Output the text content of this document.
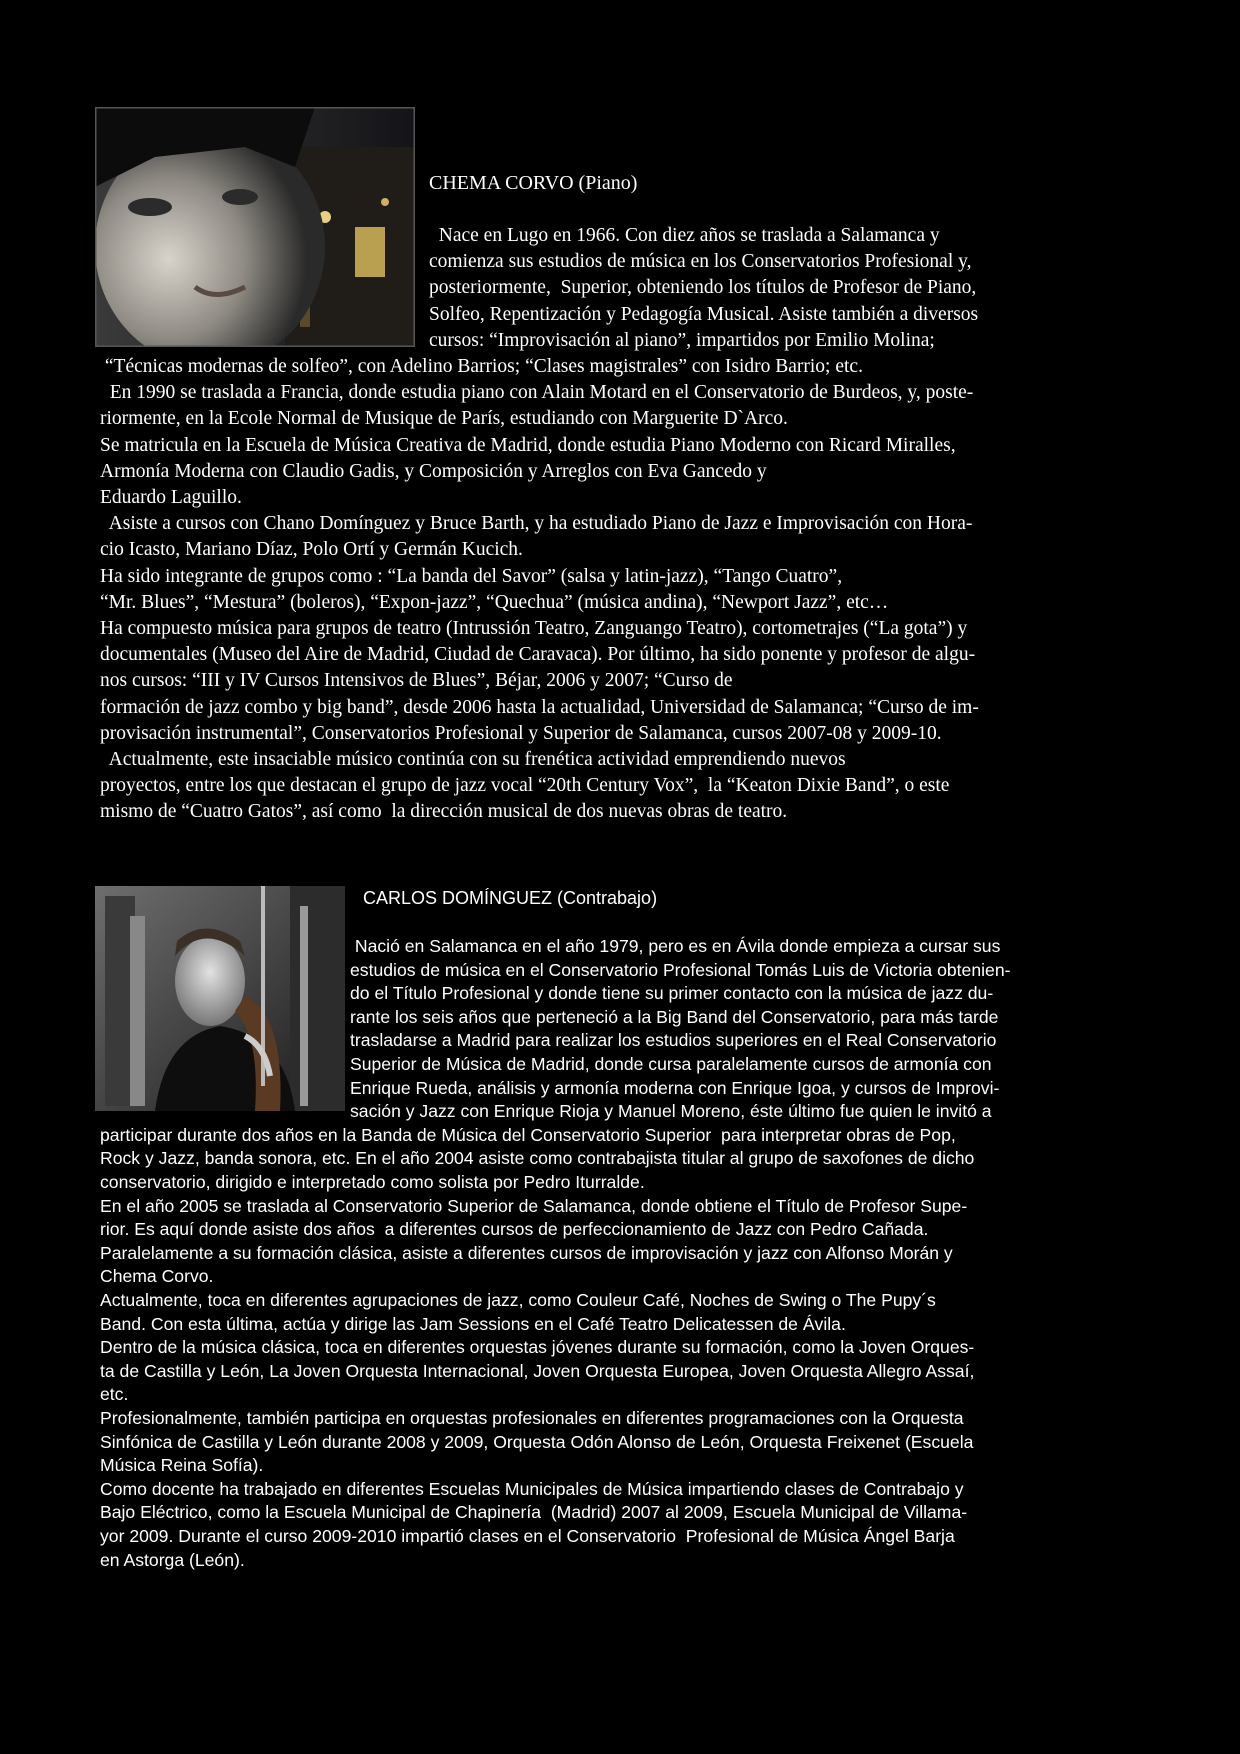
CHEMA CORVO (Piano)
Nace en Lugo en 1966. Con diez años se traslada a Salamanca y
comienza sus estudios de música en los Conservatorios Profesional y,
posteriormente,  Superior, obteniendo los títulos de Profesor de Piano,
Solfeo, Repentización y Pedagogía Musical. Asiste también a diversos
cursos: “Improvisación al piano”, impartidos por Emilio Molina;
“Técnicas modernas de solfeo”, con Adelino Barrios; “Clases magistrales” con Isidro Barrio; etc.
En 1990 se traslada a Francia, donde estudia piano con Alain Motard en el Conservatorio de Burdeos, y, poste-
riormente, en la Ecole Normal de Musique de París, estudiando con Marguerite D`Arco.
Se matricula en la Escuela de Música Creativa de Madrid, donde estudia Piano Moderno con Ricard Miralles,
Armonía Moderna con Claudio Gadis, y Composición y Arreglos con Eva Gancedo y
Eduardo Laguillo.
Asiste a cursos con Chano Domínguez y Bruce Barth, y ha estudiado Piano de Jazz e Improvisación con Hora-
cio Icasto, Mariano Díaz, Polo Ortí y Germán Kucich.
Ha sido integrante de grupos como : “La banda del Savor” (salsa y latin-jazz), “Tango Cuatro”,
“Mr. Blues”, “Mestura” (boleros), “Expon-jazz”, “Quechua” (música andina), “Newport Jazz”, etc…
Ha compuesto música para grupos de teatro (Intrussión Teatro, Zanguango Teatro), cortometrajes (“La gota”) y
documentales (Museo del Aire de Madrid, Ciudad de Caravaca). Por último, ha sido ponente y profesor de algu-
nos cursos: “III y IV Cursos Intensivos de Blues”, Béjar, 2006 y 2007; “Curso de
formación de jazz combo y big band”, desde 2006 hasta la actualidad, Universidad de Salamanca; “Curso de im-
provisación instrumental”, Conservatorios Profesional y Superior de Salamanca, cursos 2007-08 y 2009-10.
Actualmente, este insaciable músico continúa con su frenética actividad emprendiendo nuevos
proyectos, entre los que destacan el grupo de jazz vocal “20th Century Vox”,  la “Keaton Dixie Band”, o este
mismo de “Cuatro Gatos”, así como  la dirección musical de dos nuevas obras de teatro.
CARLOS DOMÍNGUEZ (Contrabajo)
Nació en Salamanca en el año 1979, pero es en Ávila donde empieza a cursar sus
estudios de música en el Conservatorio Profesional Tomás Luis de Victoria obtenien-
do el Título Profesional y donde tiene su primer contacto con la música de jazz du-
rante los seis años que perteneció a la Big Band del Conservatorio, para más tarde
trasladarse a Madrid para realizar los estudios superiores en el Real Conservatorio
Superior de Música de Madrid, donde cursa paralelamente cursos de armonía con
Enrique Rueda, análisis y armonía moderna con Enrique Igoa, y cursos de Improvi-
sación y Jazz con Enrique Rioja y Manuel Moreno, éste último fue quien le invitó a
participar durante dos años en la Banda de Música del Conservatorio Superior  para interpretar obras de Pop,
Rock y Jazz, banda sonora, etc. En el año 2004 asiste como contrabajista titular al grupo de saxofones de dicho
conservatorio, dirigido e interpretado como solista por Pedro Iturralde.
En el año 2005 se traslada al Conservatorio Superior de Salamanca, donde obtiene el Título de Profesor Supe-
rior. Es aquí donde asiste dos años  a diferentes cursos de perfeccionamiento de Jazz con Pedro Cañada.
Paralelamente a su formación clásica, asiste a diferentes cursos de improvisación y jazz con Alfonso Morán y
Chema Corvo.
Actualmente, toca en diferentes agrupaciones de jazz, como Couleur Café, Noches de Swing o The Pupy´s
Band. Con esta última, actúa y dirige las Jam Sessions en el Café Teatro Delicatessen de Ávila.
Dentro de la música clásica, toca en diferentes orquestas jóvenes durante su formación, como la Joven Orques-
ta de Castilla y León, La Joven Orquesta Internacional, Joven Orquesta Europea, Joven Orquesta Allegro Assaí,
etc.
Profesionalmente, también participa en orquestas profesionales en diferentes programaciones con la Orquesta
Sinfónica de Castilla y León durante 2008 y 2009, Orquesta Odón Alonso de León, Orquesta Freixenet (Escuela
Música Reina Sofía).
Como docente ha trabajado en diferentes Escuelas Municipales de Música impartiendo clases de Contrabajo y
Bajo Eléctrico, como la Escuela Municipal de Chapinería  (Madrid) 2007 al 2009, Escuela Municipal de Villama-
yor 2009. Durante el curso 2009-2010 impartió clases en el Conservatorio  Profesional de Música Ángel Barja
en Astorga (León).
